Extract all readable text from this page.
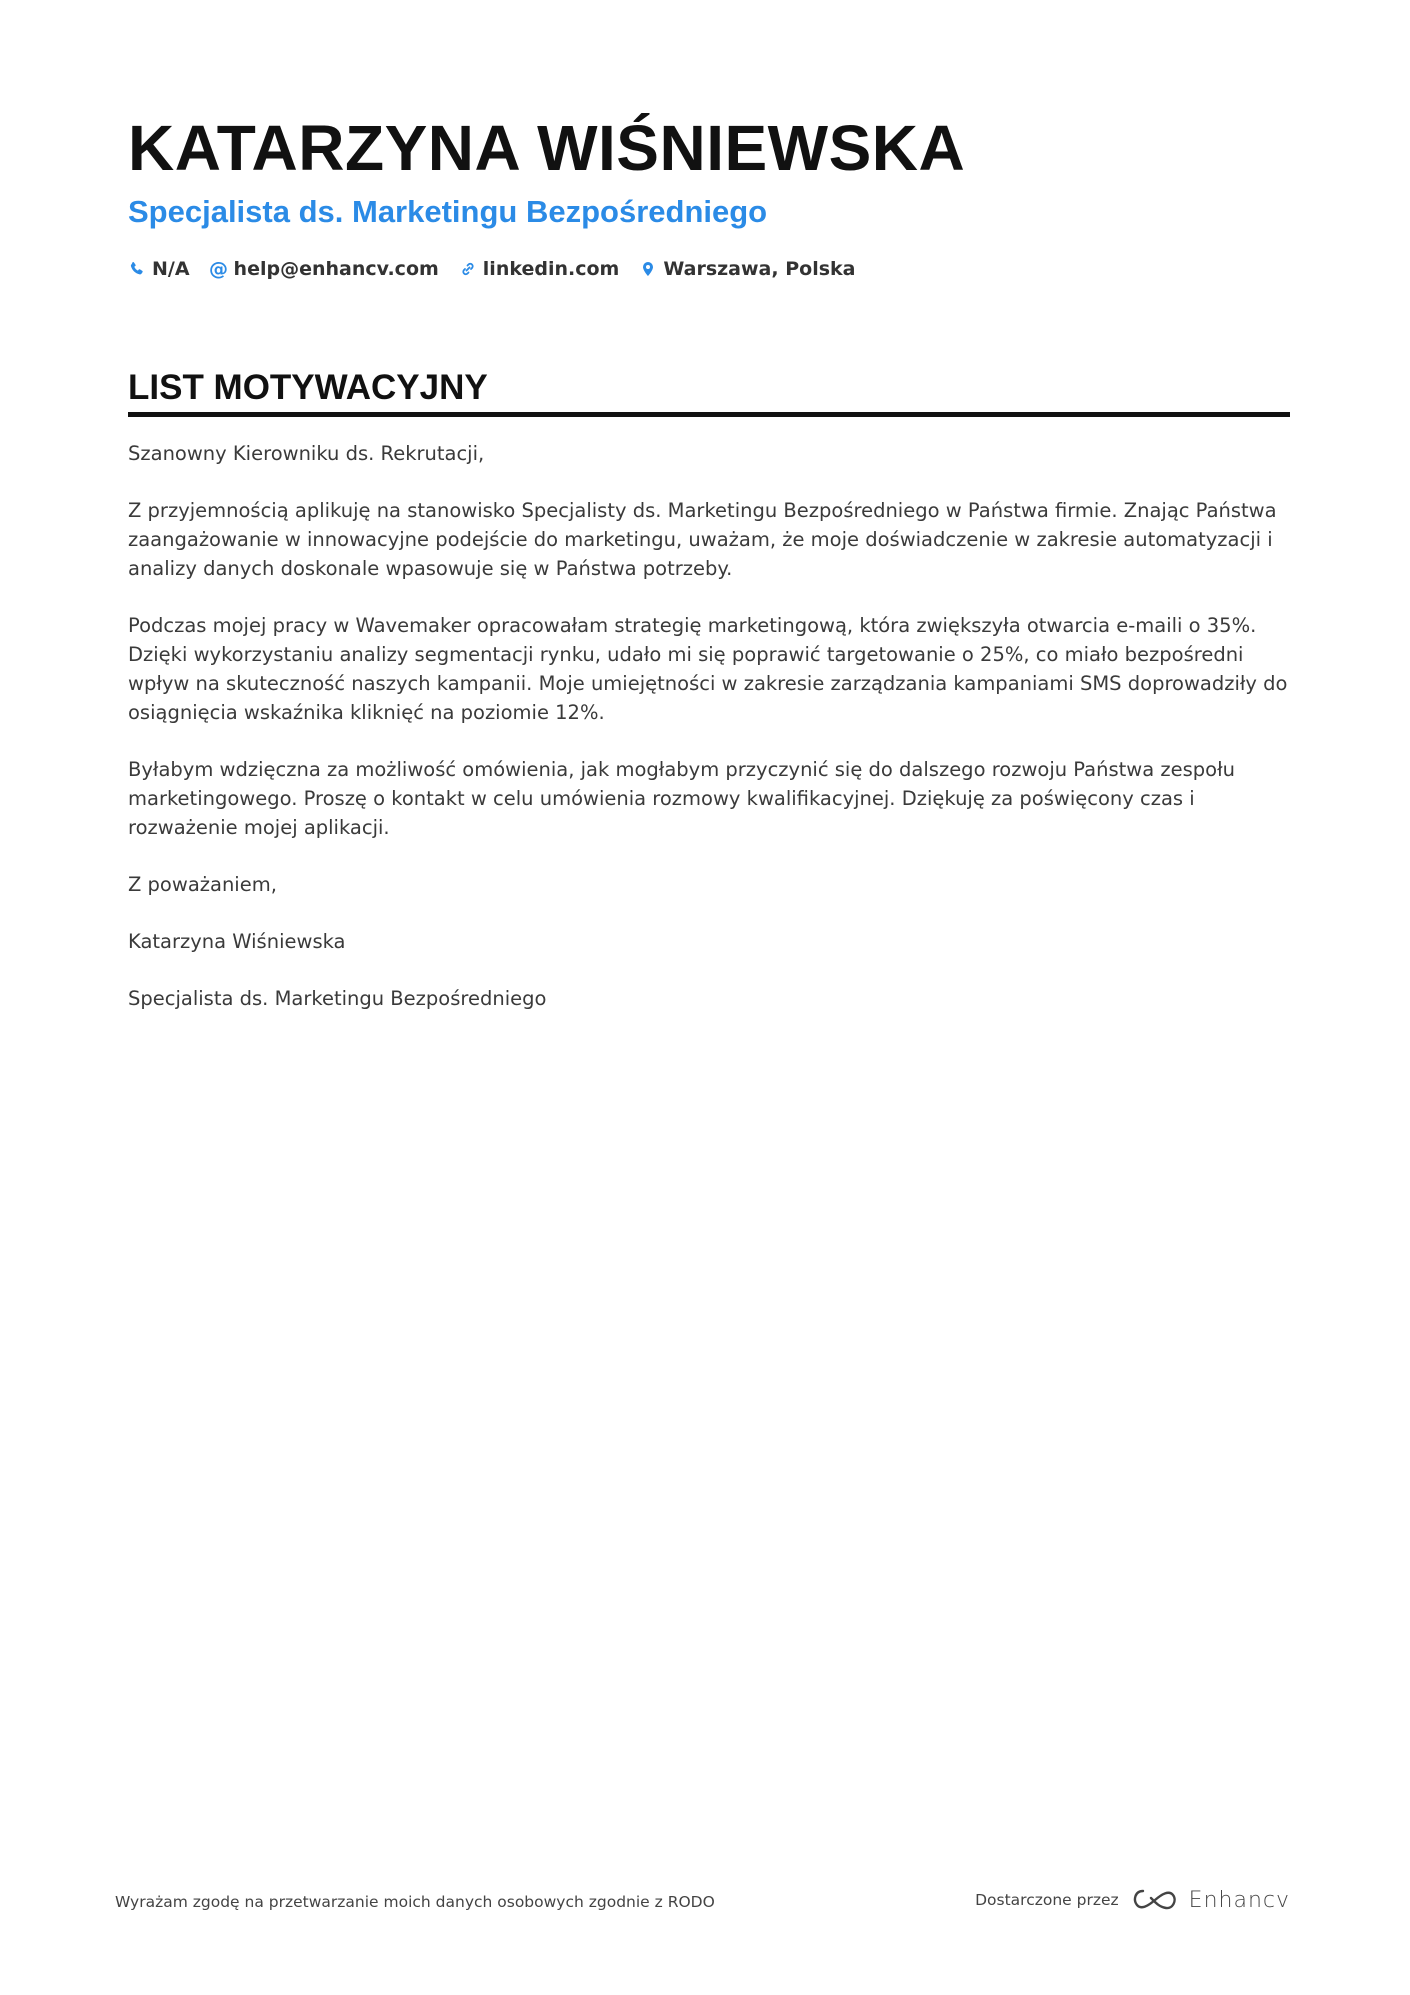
KATARZYNA WIŚNIEWSKA
Specjalista ds. Marketingu Bezpośredniego
N/A @ help@enhancv.com linkedin.com Warszawa, Polska
LIST MOTYWACYJNY

Szanowny Kierowniku ds. Rekrutacji,

Z przyjemnością aplikuję na stanowisko Specjalisty ds. Marketingu Bezpośredniego w Państwa firmie. Znając Państwa zaangażowanie w innowacyjne podejście do marketingu, uważam, że moje doświadczenie w zakresie automatyzacji i analizy danych doskonale wpasowuje się w Państwa potrzeby.

Podczas mojej pracy w Wavemaker opracowałam strategię marketingową, która zwiększyła otwarcia e-maili o 35%. Dzięki wykorzystaniu analizy segmentacji rynku, udało mi się poprawić targetowanie o 25%, co miało bezpośredni wpływ na skuteczność naszych kampanii. Moje umiejętności w zakresie zarządzania kampaniami SMS doprowadziły do osiągnięcia wskaźnika kliknięć na poziomie 12%.

Byłabym wdzięczna za możliwość omówienia, jak mogłabym przyczynić się do dalszego rozwoju Państwa zespołu marketingowego. Proszę o kontakt w celu umówienia rozmowy kwalifikacyjnej. Dziękuję za poświęcony czas i rozważenie mojej aplikacji.

Z poważaniem,

Katarzyna Wiśniewska

Specjalista ds. Marketingu Bezpośredniego

Wyrażam zgodę na przetwarzanie moich danych osobowych zgodnie z RODO	Dostarczone przez	Enhancv
